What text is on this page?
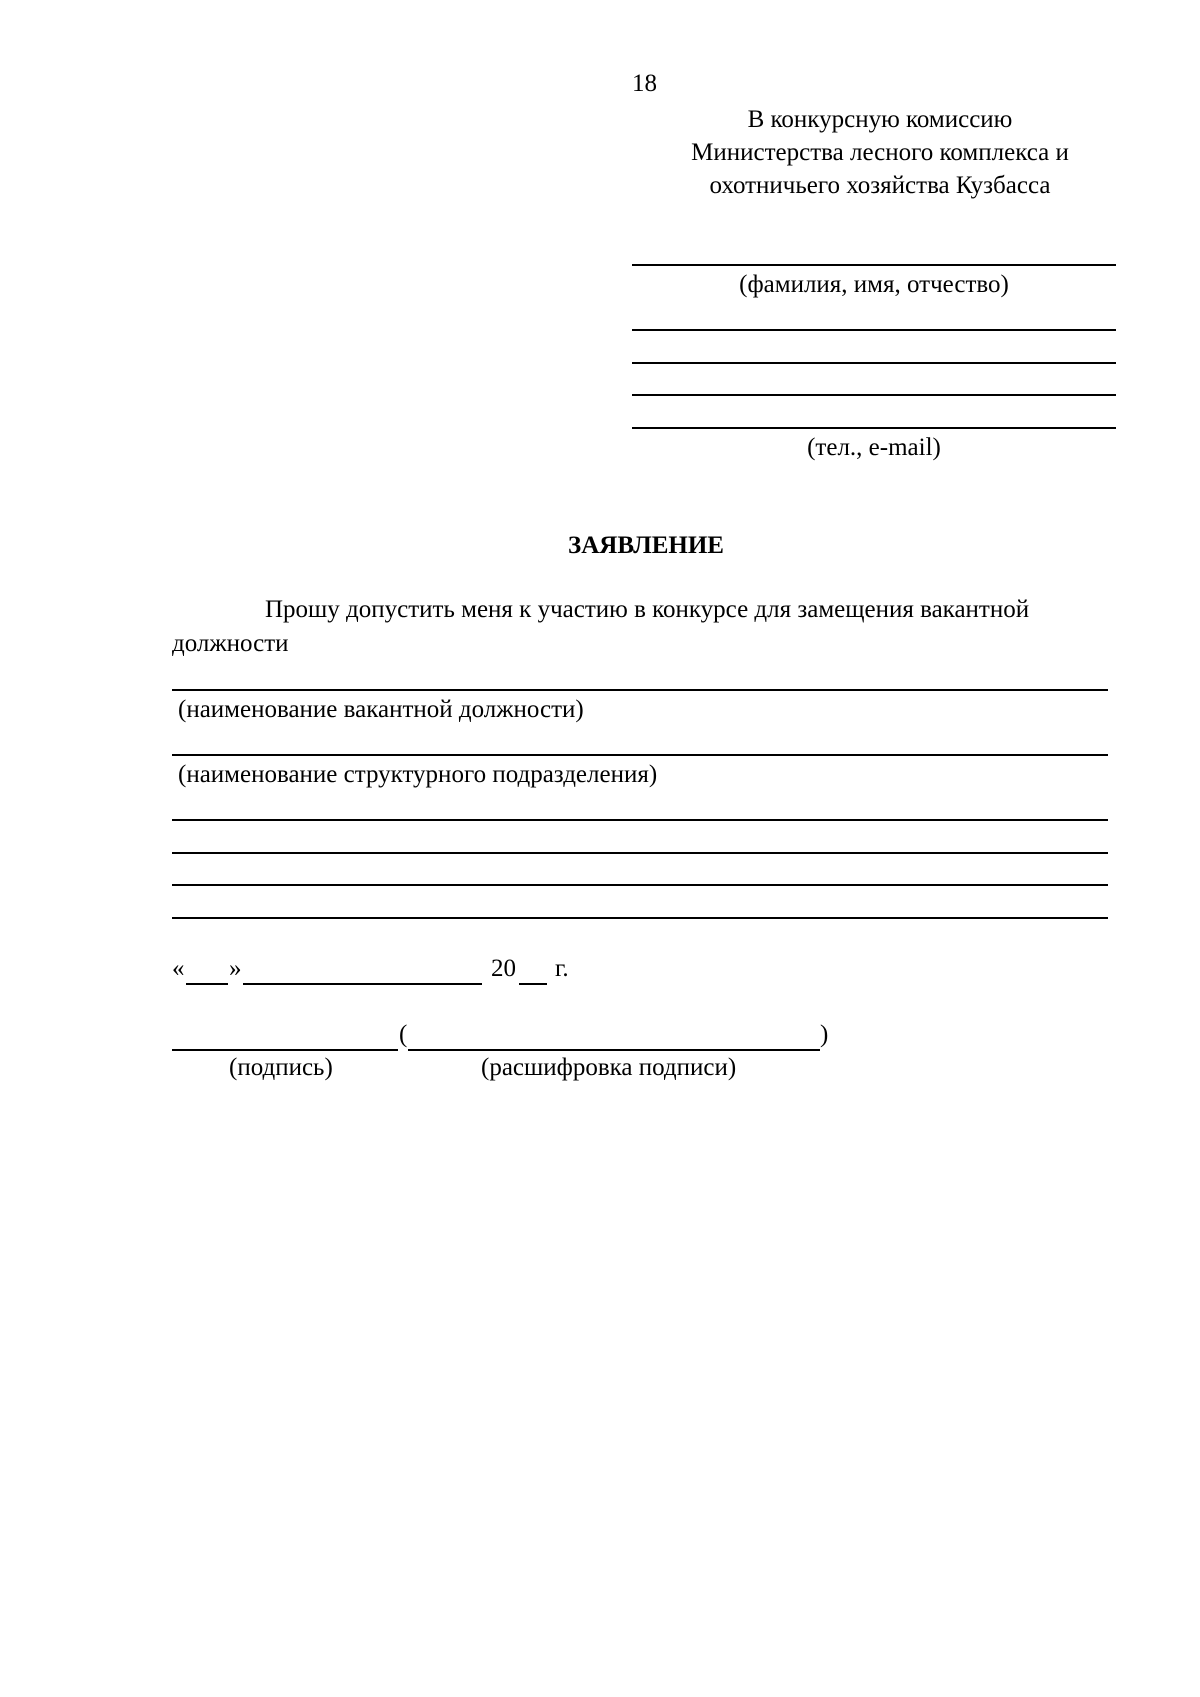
18
В конкурсную комиссию
Министерства лесного комплекса и
охотничьего хозяйства Кузбасса
(фамилия, имя, отчество)
(тел., e-mail)
ЗАЯВЛЕНИЕ
Прошу допустить меня к участию в конкурсе для замещения вакантной
должности
(наименование вакантной должности)
(наименование структурного подразделения)
« »	20 г.
(	)
(подпись)	(расшифровка подписи)
